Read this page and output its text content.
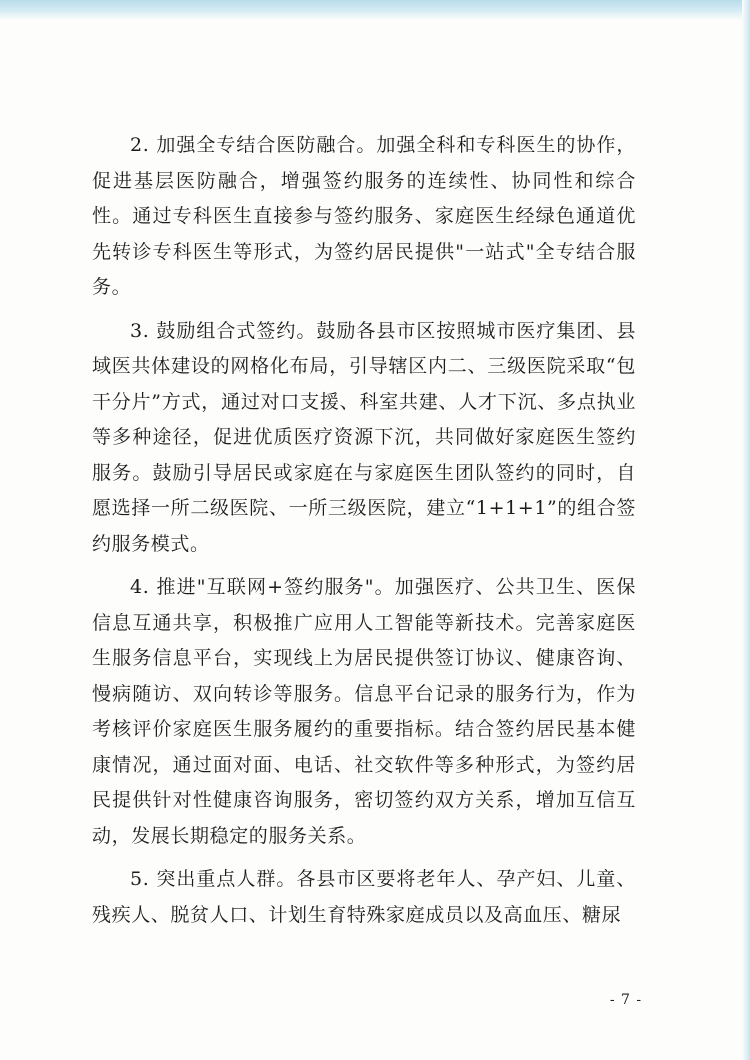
2. 加强全专结合医防融合。加强全科和专科医生的协作，促进基层医防融合，增强签约服务的连续性、协同性和综合性。通过专科医生直接参与签约服务、家庭医生经绿色通道优先转诊专科医生等形式，为签约居民提供"一站式"全专结合服务。

3. 鼓励组合式签约。鼓励各县市区按照城市医疗集团、县域医共体建设的网格化布局，引导辖区内二、三级医院采取“包干分片”方式，通过对口支援、科室共建、人才下沉、多点执业等多种途径，促进优质医疗资源下沉，共同做好家庭医生签约服务。鼓励引导居民或家庭在与家庭医生团队签约的同时，自愿选择一所二级医院、一所三级医院，建立“1+1+1”的组合签约服务模式。

4. 推进"互联网+签约服务"。加强医疗、公共卫生、医保信息互通共享，积极推广应用人工智能等新技术。完善家庭医生服务信息平台，实现线上为居民提供签订协议、健康咨询、慢病随访、双向转诊等服务。信息平台记录的服务行为，作为考核评价家庭医生服务履约的重要指标。结合签约居民基本健康情况，通过面对面、电话、社交软件等多种形式，为签约居民提供针对性健康咨询服务，密切签约双方关系，增加互信互动，发展长期稳定的服务关系。

5. 突出重点人群。各县市区要将老年人、孕产妇、儿童、残疾人、脱贫人口、计划生育特殊家庭成员以及高血压、糖尿

- 7 -
